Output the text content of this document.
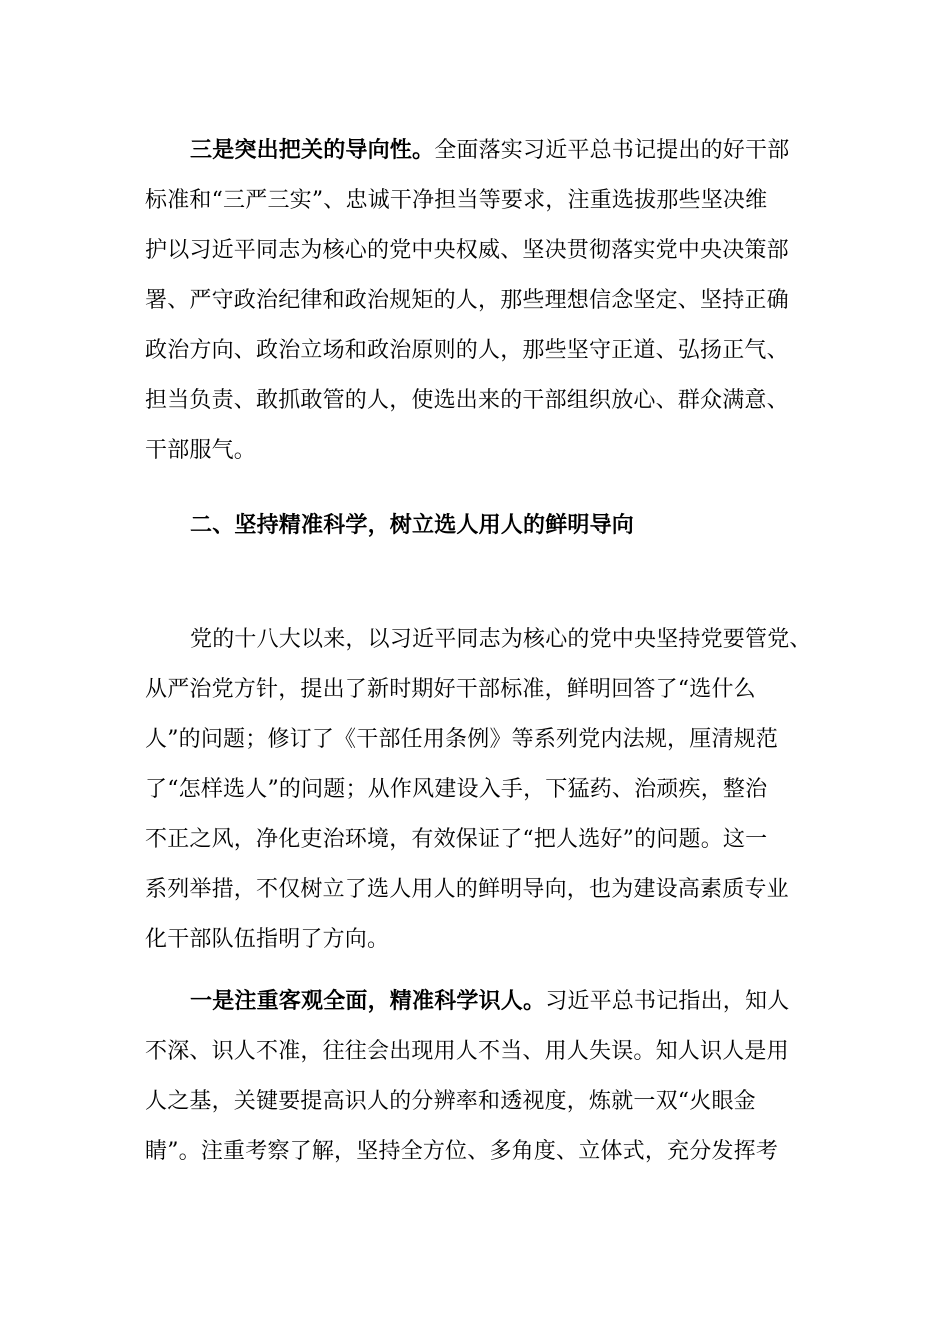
三是突出把关的导向性。全面落实习近平总书记提出的好干部
标准和“三严三实”、忠诚干净担当等要求，注重选拔那些坚决维
护以习近平同志为核心的党中央权威、坚决贯彻落实党中央决策部
署、严守政治纪律和政治规矩的人，那些理想信念坚定、坚持正确
政治方向、政治立场和政治原则的人，那些坚守正道、弘扬正气、
担当负责、敢抓敢管的人，使选出来的干部组织放心、群众满意、
干部服气。
二、坚持精准科学，树立选人用人的鲜明导向
党的十八大以来，以习近平同志为核心的党中央坚持党要管党、
从严治党方针，提出了新时期好干部标准，鲜明回答了“选什么
人”的问题；修订了《干部任用条例》等系列党内法规，厘清规范
了“怎样选人”的问题；从作风建设入手，下猛药、治顽疾，整治
不正之风，净化吏治环境，有效保证了“把人选好”的问题。这一
系列举措，不仅树立了选人用人的鲜明导向，也为建设高素质专业
化干部队伍指明了方向。
一是注重客观全面，精准科学识人。习近平总书记指出，知人
不深、识人不准，往往会出现用人不当、用人失误。知人识人是用
人之基，关键要提高识人的分辨率和透视度，炼就一双“火眼金
睛”。注重考察了解，坚持全方位、多角度、立体式，充分发挥考
